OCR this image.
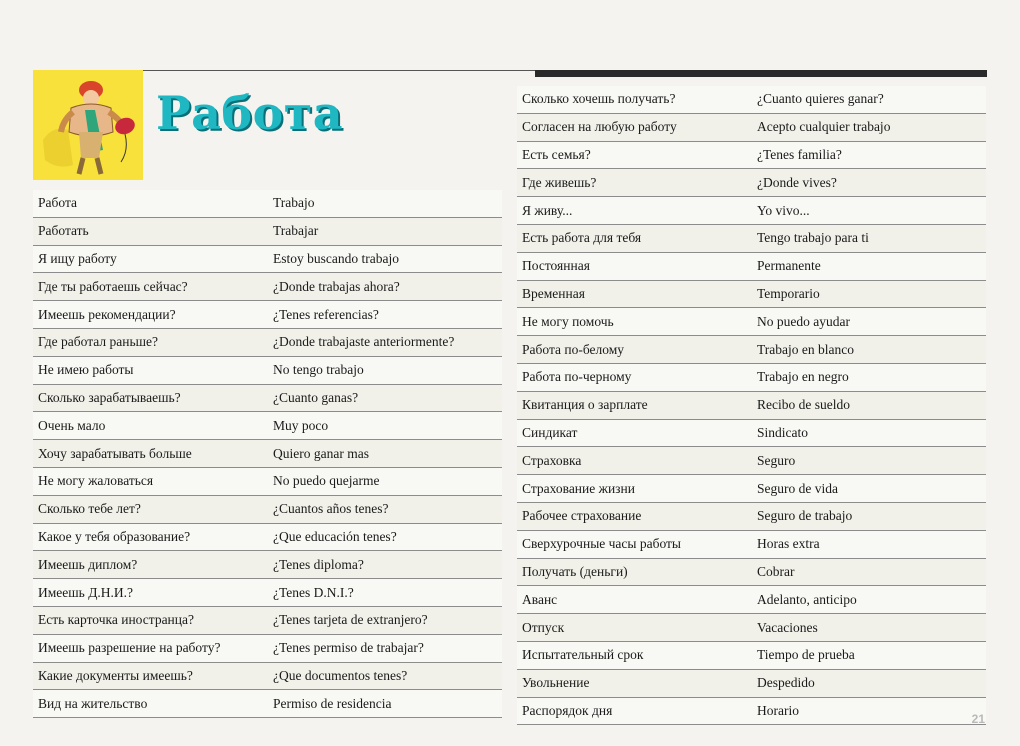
Работа
Работа	Trabajo
Работать	Trabajar
Я ищу работу	Estoy buscando trabajo
Где ты работаешь сейчас?	¿Donde trabajas ahora?
Имеешь рекомендации?	¿Tenes referencias?
Где работал раньше?	¿Donde trabajaste anteriormente?
Не имею работы	No tengo trabajo
Сколько зарабатываешь?	¿Cuanto ganas?
Очень мало	Muy poco
Хочу зарабатывать больше	Quiero ganar mas
Не могу жаловаться	No puedo quejarme
Сколько тебе лет?	¿Cuantos años tenes?
Какое у тебя образование?	¿Que educación tenes?
Имеешь диплом?	¿Tenes diploma?
Имеешь Д.Н.И.?	¿Tenes D.N.I.?
Есть карточка иностранца?	¿Tenes tarjeta de extranjero?
Имеешь разрешение на работу?	¿Tenes permiso de trabajar?
Какие документы имеешь?	¿Que documentos tenes?
Вид на жительство	Permiso de residencia
Сколько хочешь получать?	¿Cuanto quieres ganar?
Согласен на любую работу	Acepto cualquier trabajo
Есть семья?	¿Tenes familia?
Где живешь?	¿Donde vives?
Я живу...	Yo vivo...
Есть работа для тебя	Tengo trabajo para ti
Постоянная	Permanente
Временная	Temporario
Не могу помочь	No puedo ayudar
Работа по-белому	Trabajo en blanco
Работа по-черному	Trabajo en negro
Квитанция о зарплате	Recibo de sueldo
Синдикат	Sindicato
Страховка	Seguro
Страхование жизни	Seguro de vida
Рабочее страхование	Seguro de trabajo
Сверхурочные часы работы	Horas extra
Получать (деньги)	Cobrar
Аванс	Adelanto, anticipo
Отпуск	Vacaciones
Испытательный срок	Tiempo de prueba
Увольнение	Despedido
Распорядок дня	Horario
21
